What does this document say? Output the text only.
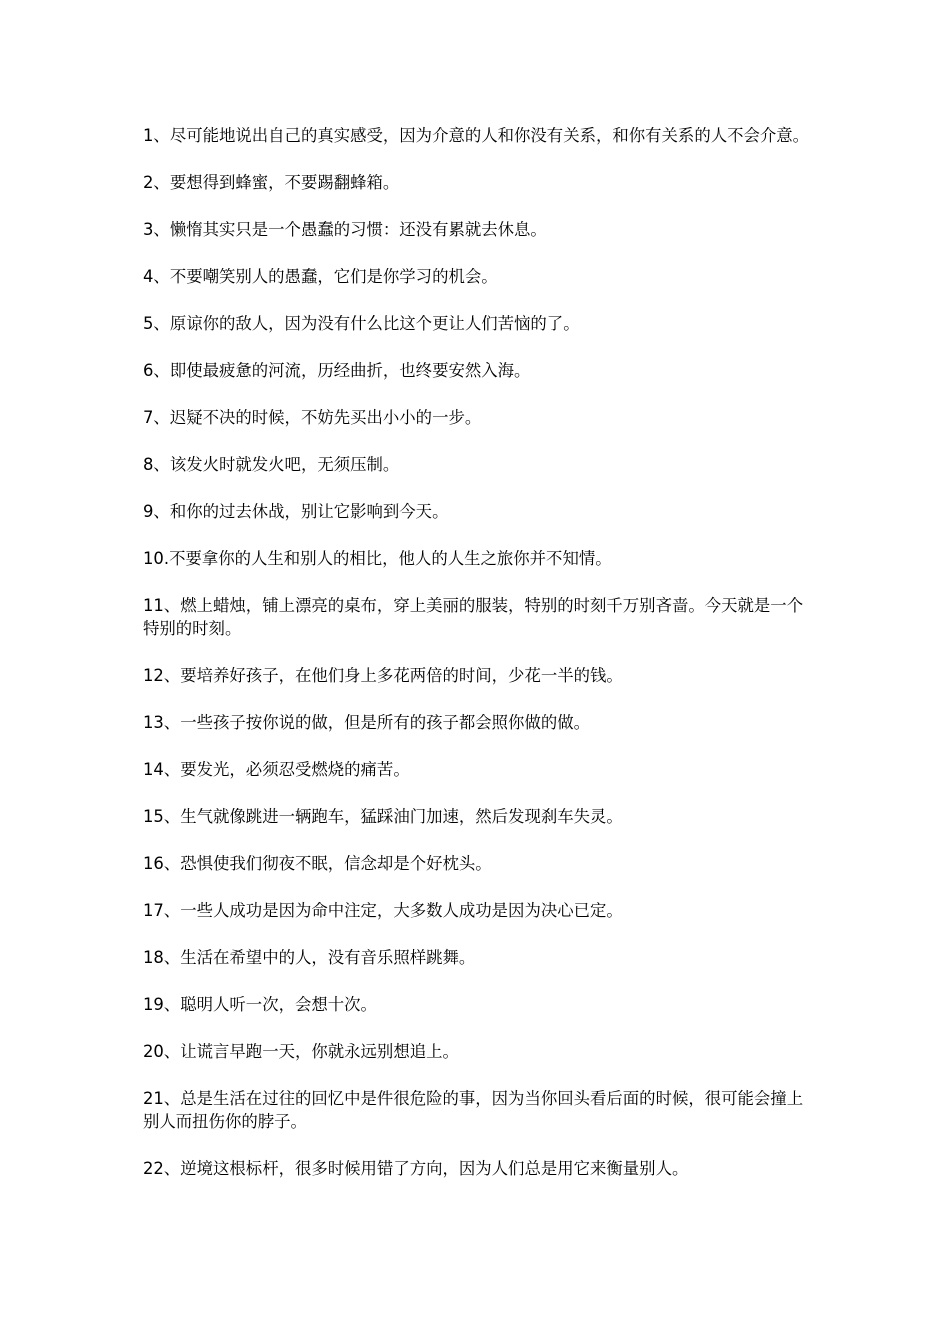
1、尽可能地说出自己的真实感受，因为介意的人和你没有关系，和你有关系的人不会介意。

2、要想得到蜂蜜，不要踢翻蜂箱。

3、懒惰其实只是一个愚蠢的习惯：还没有累就去休息。

4、不要嘲笑别人的愚蠢，它们是你学习的机会。

5、原谅你的敌人，因为没有什么比这个更让人们苦恼的了。

6、即使最疲惫的河流，历经曲折，也终要安然入海。

7、迟疑不决的时候，不妨先买出小小的一步。

8、该发火时就发火吧，无须压制。

9、和你的过去休战，别让它影响到今天。

10.不要拿你的人生和别人的相比，他人的人生之旅你并不知情。

11、燃上蜡烛，铺上漂亮的桌布，穿上美丽的服装，特别的时刻千万别吝啬。今天就是一个特别的时刻。

12、要培养好孩子，在他们身上多花两倍的时间，少花一半的钱。

13、一些孩子按你说的做，但是所有的孩子都会照你做的做。

14、要发光，必须忍受燃烧的痛苦。

15、生气就像跳进一辆跑车，猛踩油门加速，然后发现刹车失灵。

16、恐惧使我们彻夜不眠，信念却是个好枕头。

17、一些人成功是因为命中注定，大多数人成功是因为决心已定。

18、生活在希望中的人，没有音乐照样跳舞。

19、聪明人听一次，会想十次。

20、让谎言早跑一天，你就永远别想追上。

21、总是生活在过往的回忆中是件很危险的事，因为当你回头看后面的时候，很可能会撞上别人而扭伤你的脖子。

22、逆境这根标杆，很多时候用错了方向，因为人们总是用它来衡量别人。
